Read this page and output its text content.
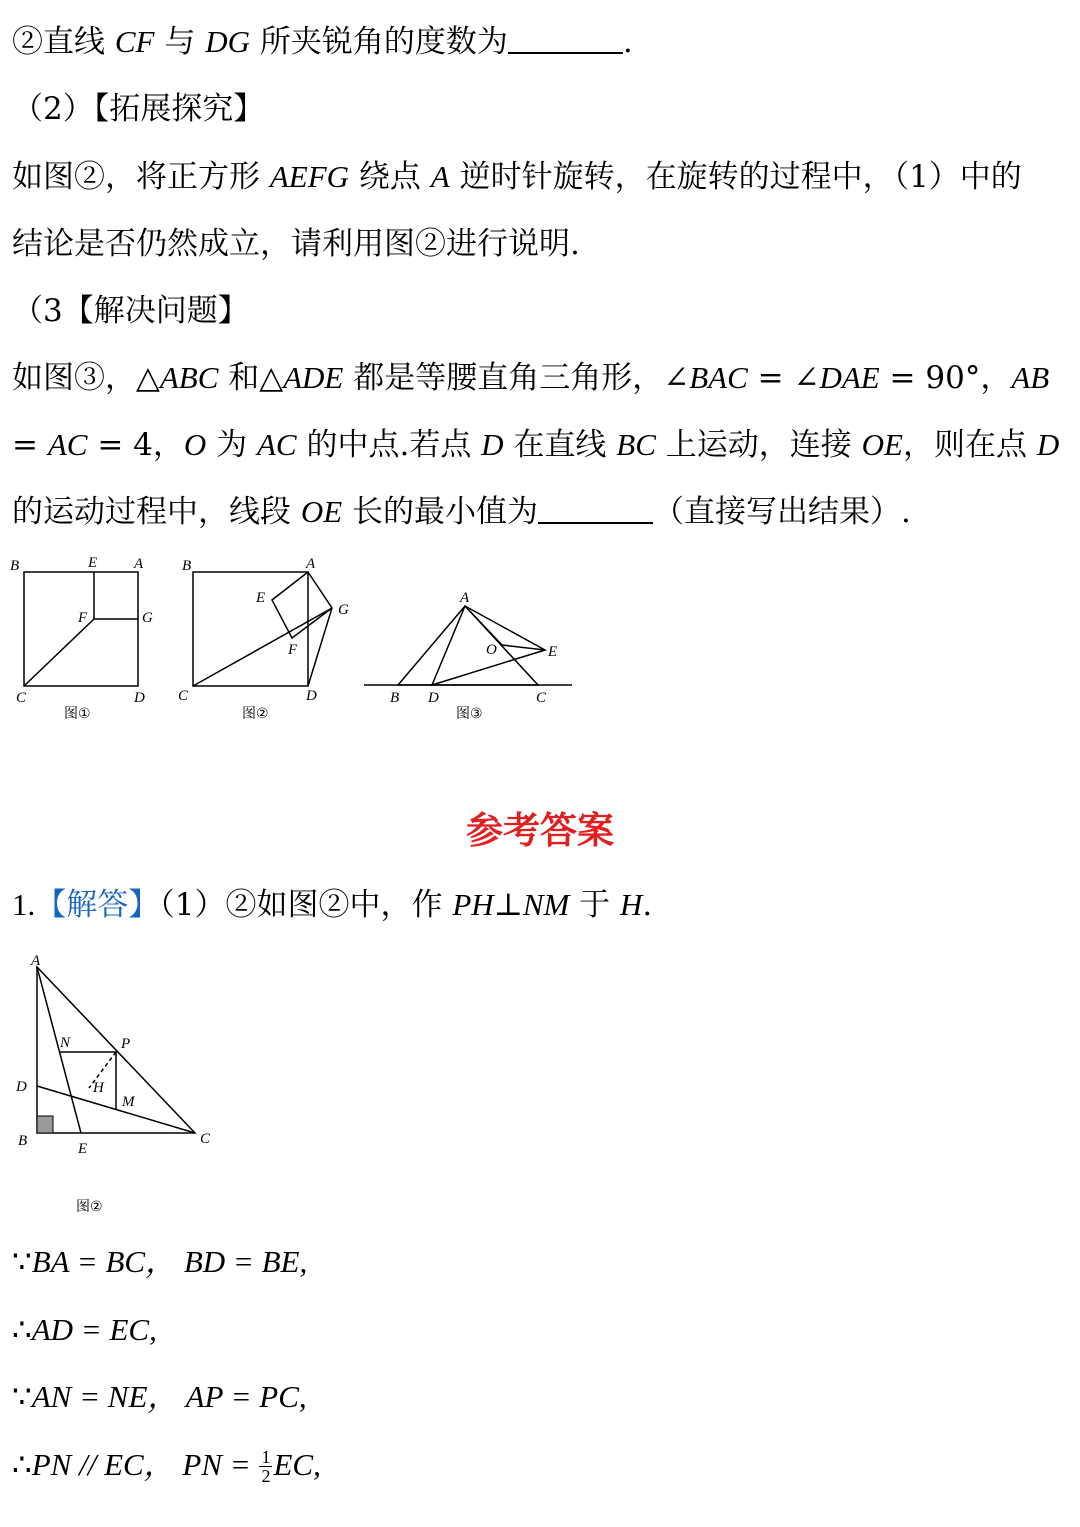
②直线 CF 与 DG 所夹锐角的度数为	.
（2）【拓展探究】
如图②，将正方形 AEFG 绕点 A 逆时针旋转，在旋转的过程中，（1）中的
结论是否仍然成立，请利用图②进行说明.
（3【解决问题】
如图③，△ABC 和△ADE 都是等腰直角三角形，∠BAC = ∠DAE = 90°，AB
= AC = 4，O 为 AC 的中点.若点 D 在直线 BC 上运动，连接 OE，则在点 D
的运动过程中，线段 OE 长的最小值为	（直接写出结果）.
B	E A
F	G
C	D
图①
B	A
E
G
F
C	D
图②
A
O	E
B D	C
图③
参考答案
1.【解答】（1）②如图②中，作 PH⊥NM 于 H.
A
N	P
D	H
M
B	E
C
图②
∵BA = BC， BD = BE,
∴AD = EC,
∵AN = NE， AP = PC,
∴PN // EC， PN = $\frac{1}{2}$ EC,
